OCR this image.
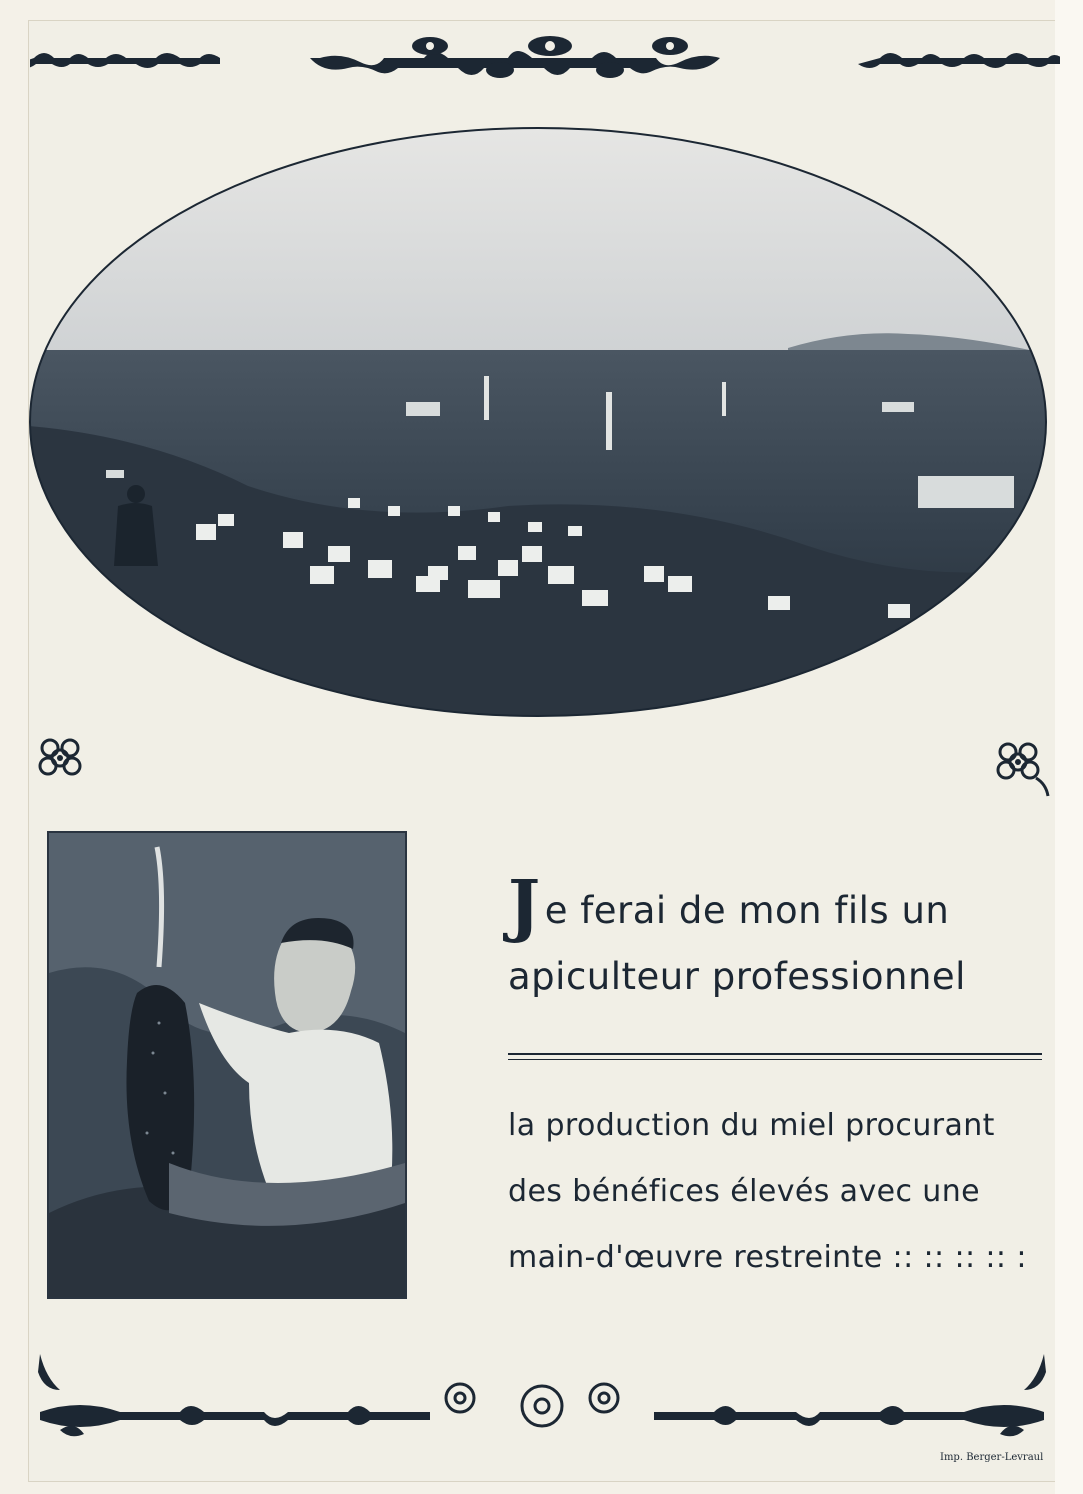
Je ferai de mon fils un
apiculteur professionnel
la production du miel procurant
des bénéfices élevés avec une
main-d'œuvre restreinte :: :: :: :: :
Imp. Berger-Levraul
